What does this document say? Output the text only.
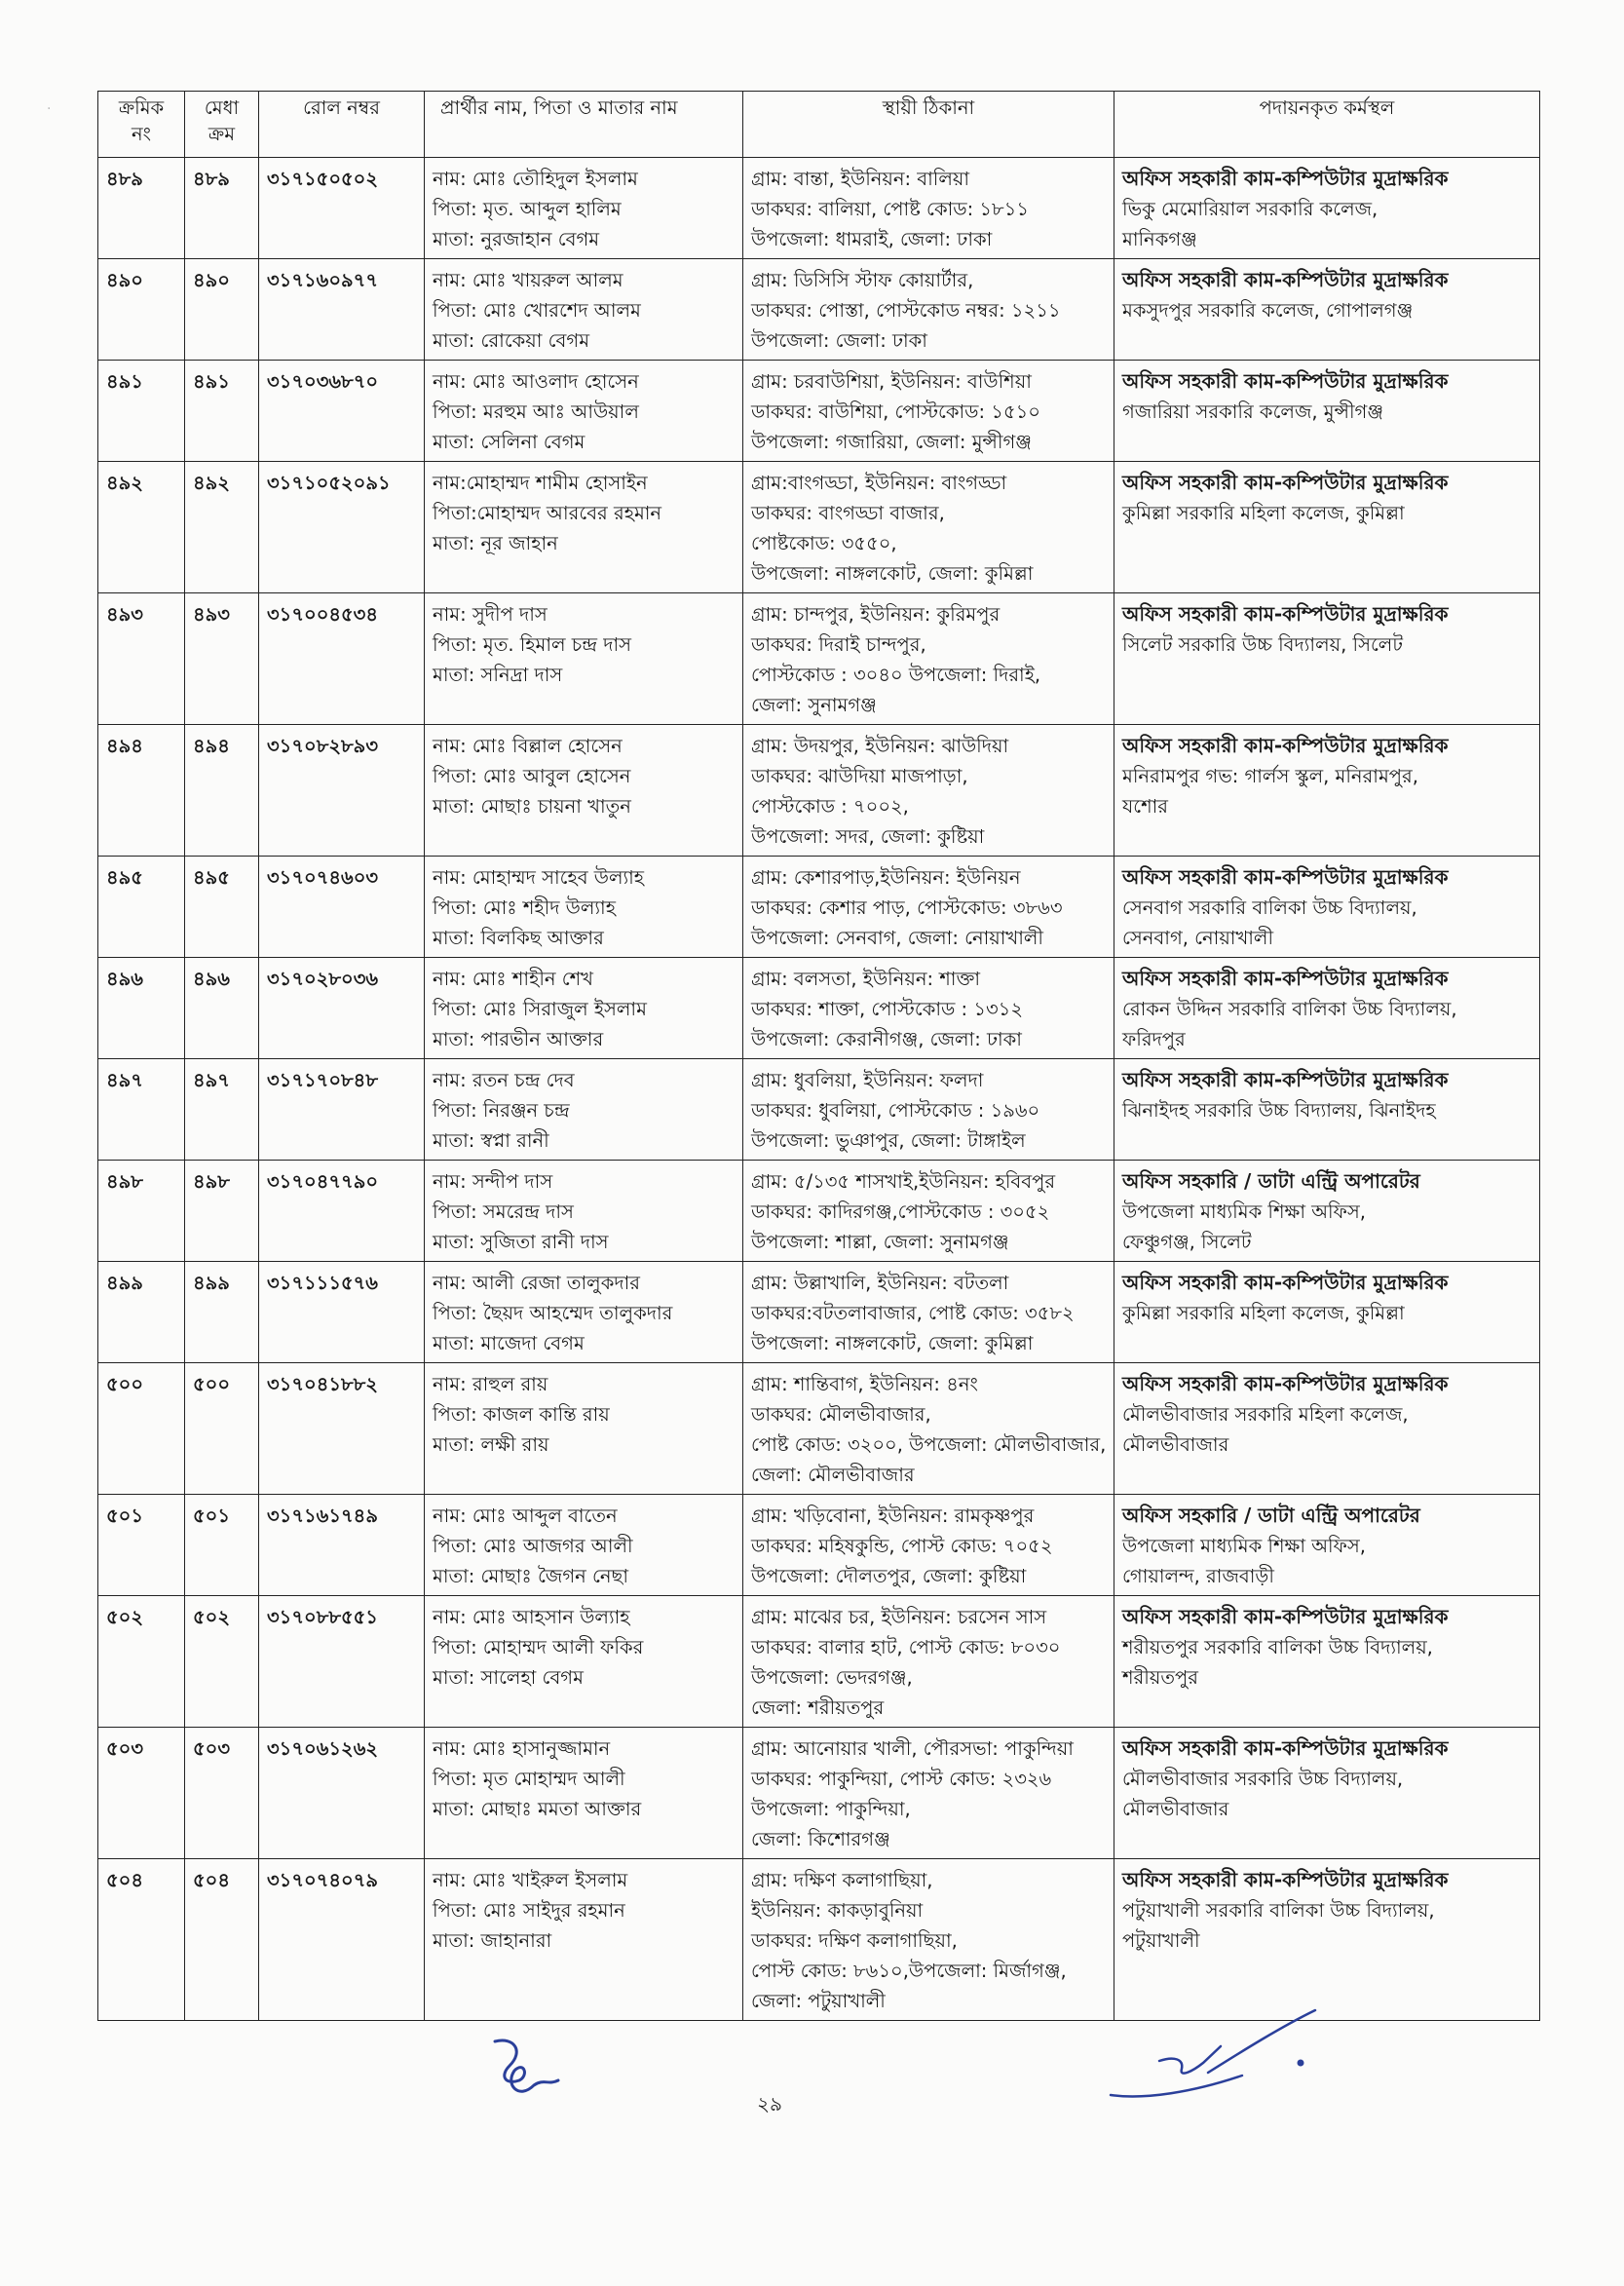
.	ক্রমিক নং	মেধা ক্রম	রোল নম্বর	প্রার্থীর নাম, পিতা ও মাতার নাম	স্থায়ী ঠিকানা	পদায়নকৃত কর্মস্থল
৪৮৯	৪৮৯	৩১৭১৫০৫০২	নাম: মোঃ তৌহিদুল ইসলাম
পিতা: মৃত. আব্দুল হালিম
মাতা: নুরজাহান বেগম	গ্রাম: বান্তা, ইউনিয়ন: বালিয়া
ডাকঘর: বালিয়া, পোষ্ট কোড: ১৮১১
উপজেলা: ধামরাই, জেলা: ঢাকা	অফিস সহকারী কাম-কম্পিউটার মুদ্রাক্ষরিক
ভিকু মেমোরিয়াল সরকারি কলেজ,
মানিকগঞ্জ

৪৯০	৪৯০	৩১৭১৬০৯৭৭	নাম: মোঃ খায়রুল আলম
পিতা: মোঃ খোরশেদ আলম
মাতা: রোকেয়া বেগম	গ্রাম: ডিসিসি স্টাফ কোয়ার্টার,
ডাকঘর: পোস্তা, পোস্টকোড নম্বর: ১২১১
উপজেলা: জেলা: ঢাকা	অফিস সহকারী কাম-কম্পিউটার মুদ্রাক্ষরিক
মকসুদপুর সরকারি কলেজ, গোপালগঞ্জ

৪৯১	৪৯১	৩১৭০৩৬৮৭০	নাম: মোঃ আওলাদ হোসেন
পিতা: মরহুম আঃ আউয়াল
মাতা: সেলিনা বেগম	গ্রাম: চরবাউশিয়া, ইউনিয়ন: বাউশিয়া
ডাকঘর: বাউশিয়া, পোস্টকোড: ১৫১০
উপজেলা: গজারিয়া, জেলা: মুন্সীগঞ্জ	অফিস সহকারী কাম-কম্পিউটার মুদ্রাক্ষরিক
গজারিয়া সরকারি কলেজ, মুন্সীগঞ্জ

৪৯২	৪৯২	৩১৭১০৫২০৯১	নাম:মোহাম্মদ শামীম হোসাইন
পিতা:মোহাম্মদ আরবের রহমান
মাতা: নূর জাহান	গ্রাম:বাংগড্ডা, ইউনিয়ন: বাংগড্ডা
ডাকঘর: বাংগড্ডা বাজার,
পোষ্টকোড: ৩৫৫০,
উপজেলা: নাঙ্গলকোট, জেলা: কুমিল্লা	অফিস সহকারী কাম-কম্পিউটার মুদ্রাক্ষরিক
কুমিল্লা সরকারি মহিলা কলেজ, কুমিল্লা

৪৯৩	৪৯৩	৩১৭০০৪৫৩৪	নাম: সুদীপ দাস
পিতা: মৃত. হিমাল চন্দ্র দাস
মাতা: সনিদ্রা দাস	গ্রাম: চান্দপুর, ইউনিয়ন: কুরিমপুর
ডাকঘর: দিরাই চান্দপুর,
পোস্টকোড : ৩০৪০ উপজেলা: দিরাই,
জেলা: সুনামগঞ্জ	অফিস সহকারী কাম-কম্পিউটার মুদ্রাক্ষরিক
সিলেট সরকারি উচ্চ বিদ্যালয়, সিলেট

৪৯৪	৪৯৪	৩১৭০৮২৮৯৩	নাম: মোঃ বিল্লাল হোসেন
পিতা: মোঃ আবুল হোসেন
মাতা: মোছাঃ চায়না খাতুন	গ্রাম: উদয়পুর, ইউনিয়ন: ঝাউদিয়া
ডাকঘর: ঝাউদিয়া মাজপাড়া,
পোস্টকোড : ৭০০২,
উপজেলা: সদর, জেলা: কুষ্টিয়া	অফিস সহকারী কাম-কম্পিউটার মুদ্রাক্ষরিক
মনিরামপুর গভ: গার্লস স্কুল, মনিরামপুর,
যশোর

৪৯৫	৪৯৫	৩১৭০৭৪৬০৩	নাম: মোহাম্মদ সাহেব উল্যাহ
পিতা: মোঃ শহীদ উল্যাহ
মাতা: বিলকিছ আক্তার	গ্রাম: কেশারপাড়,ইউনিয়ন: ইউনিয়ন
ডাকঘর: কেশার পাড়, পোস্টকোড: ৩৮৬৩
উপজেলা: সেনবাগ, জেলা: নোয়াখালী	অফিস সহকারী কাম-কম্পিউটার মুদ্রাক্ষরিক
সেনবাগ সরকারি বালিকা উচ্চ বিদ্যালয়,
সেনবাগ, নোয়াখালী

৪৯৬	৪৯৬	৩১৭০২৮০৩৬	নাম: মোঃ শাহীন শেখ
পিতা: মোঃ সিরাজুল ইসলাম
মাতা: পারভীন আক্তার	গ্রাম: বলসতা, ইউনিয়ন: শাক্তা
ডাকঘর: শাক্তা, পোস্টকোড : ১৩১২
উপজেলা: কেরানীগঞ্জ, জেলা: ঢাকা	অফিস সহকারী কাম-কম্পিউটার মুদ্রাক্ষরিক
রোকন উদ্দিন সরকারি বালিকা উচ্চ বিদ্যালয়,
ফরিদপুর

৪৯৭	৪৯৭	৩১৭১৭০৮৪৮	নাম: রতন চন্দ্র দেব
পিতা: নিরঞ্জন চন্দ্র
মাতা: স্বপ্না রানী	গ্রাম: ধুবলিয়া, ইউনিয়ন: ফলদা
ডাকঘর: ধুবলিয়া, পোস্টকোড : ১৯৬০
উপজেলা: ভুঞাপুর, জেলা: টাঙ্গাইল	অফিস সহকারী কাম-কম্পিউটার মুদ্রাক্ষরিক
ঝিনাইদহ সরকারি উচ্চ বিদ্যালয়, ঝিনাইদহ

৪৯৮	৪৯৮	৩১৭০৪৭৭৯০	নাম: সন্দীপ দাস
পিতা: সমরেন্দ্র দাস
মাতা: সুজিতা রানী দাস	গ্রাম: ৫/১৩৫ শাসখাই,ইউনিয়ন: হবিবপুর
ডাকঘর: কাদিরগঞ্জ,পোস্টকোড : ৩০৫২
উপজেলা: শাল্লা, জেলা: সুনামগঞ্জ	অফিস সহকারি / ডাটা এন্ট্রি অপারেটর
উপজেলা মাধ্যমিক শিক্ষা অফিস,
ফেঞ্চুগঞ্জ, সিলেট

৪৯৯	৪৯৯	৩১৭১১১৫৭৬	নাম: আলী রেজা তালুকদার
পিতা: ছৈয়দ আহম্মেদ তালুকদার
মাতা: মাজেদা বেগম	গ্রাম: উল্লাখালি, ইউনিয়ন: বটতলা
ডাকঘর:বটতলাবাজার, পোষ্ট কোড: ৩৫৮২
উপজেলা: নাঙ্গলকোট, জেলা: কুমিল্লা	অফিস সহকারী কাম-কম্পিউটার মুদ্রাক্ষরিক
কুমিল্লা সরকারি মহিলা কলেজ, কুমিল্লা

৫০০	৫০০	৩১৭০৪১৮৮২	নাম: রাহুল রায়
পিতা: কাজল কান্তি রায়
মাতা: লক্ষী রায়	গ্রাম: শান্তিবাগ, ইউনিয়ন: ৪নং
ডাকঘর: মৌলভীবাজার,
পোষ্ট কোড: ৩২০০, উপজেলা: মৌলভীবাজার,
জেলা: মৌলভীবাজার	অফিস সহকারী কাম-কম্পিউটার মুদ্রাক্ষরিক
মৌলভীবাজার সরকারি মহিলা কলেজ,
মৌলভীবাজার

৫০১	৫০১	৩১৭১৬১৭৪৯	নাম: মোঃ আব্দুল বাতেন
পিতা: মোঃ আজগর আলী
মাতা: মোছাঃ জৈগন নেছা	গ্রাম: খড়িবোনা, ইউনিয়ন: রামকৃষ্ণপুর
ডাকঘর: মহিষকুন্ডি, পোস্ট কোড: ৭০৫২
উপজেলা: দৌলতপুর, জেলা: কুষ্টিয়া	অফিস সহকারি / ডাটা এন্ট্রি অপারেটর
উপজেলা মাধ্যমিক শিক্ষা অফিস,
গোয়ালন্দ, রাজবাড়ী

৫০২	৫০২	৩১৭০৮৮৫৫১	নাম: মোঃ আহসান উল্যাহ
পিতা: মোহাম্মদ আলী ফকির
মাতা: সালেহা বেগম	গ্রাম: মাঝের চর, ইউনিয়ন: চরসেন সাস
ডাকঘর: বালার হাট, পোস্ট কোড: ৮০৩০
উপজেলা: ভেদরগঞ্জ,
জেলা: শরীয়তপুর	অফিস সহকারী কাম-কম্পিউটার মুদ্রাক্ষরিক
শরীয়তপুর সরকারি বালিকা উচ্চ বিদ্যালয়,
শরীয়তপুর

৫০৩	৫০৩	৩১৭০৬১২৬২	নাম: মোঃ হাসানুজ্জামান
পিতা: মৃত মোহাম্মদ আলী
মাতা: মোছাঃ মমতা আক্তার	গ্রাম: আনোয়ার খালী, পৌরসভা: পাকুন্দিয়া
ডাকঘর: পাকুন্দিয়া, পোস্ট কোড: ২৩২৬
উপজেলা: পাকুন্দিয়া,
জেলা: কিশোরগঞ্জ	অফিস সহকারী কাম-কম্পিউটার মুদ্রাক্ষরিক
মৌলভীবাজার সরকারি উচ্চ বিদ্যালয়,
মৌলভীবাজার

৫০৪	৫০৪	৩১৭০৭৪০৭৯	নাম: মোঃ খাইরুল ইসলাম
পিতা: মোঃ সাইদুর রহমান
মাতা: জাহানারা	গ্রাম: দক্ষিণ কলাগাছিয়া,
ইউনিয়ন: কাকড়াবুনিয়া
ডাকঘর: দক্ষিণ কলাগাছিয়া,
পোস্ট কোড: ৮৬১০,উপজেলা: মির্জাগঞ্জ,
জেলা: পটুয়াখালী	অফিস সহকারী কাম-কম্পিউটার মুদ্রাক্ষরিক
পটুয়াখালী সরকারি বালিকা উচ্চ বিদ্যালয়,
পটুয়াখালী
২৯
